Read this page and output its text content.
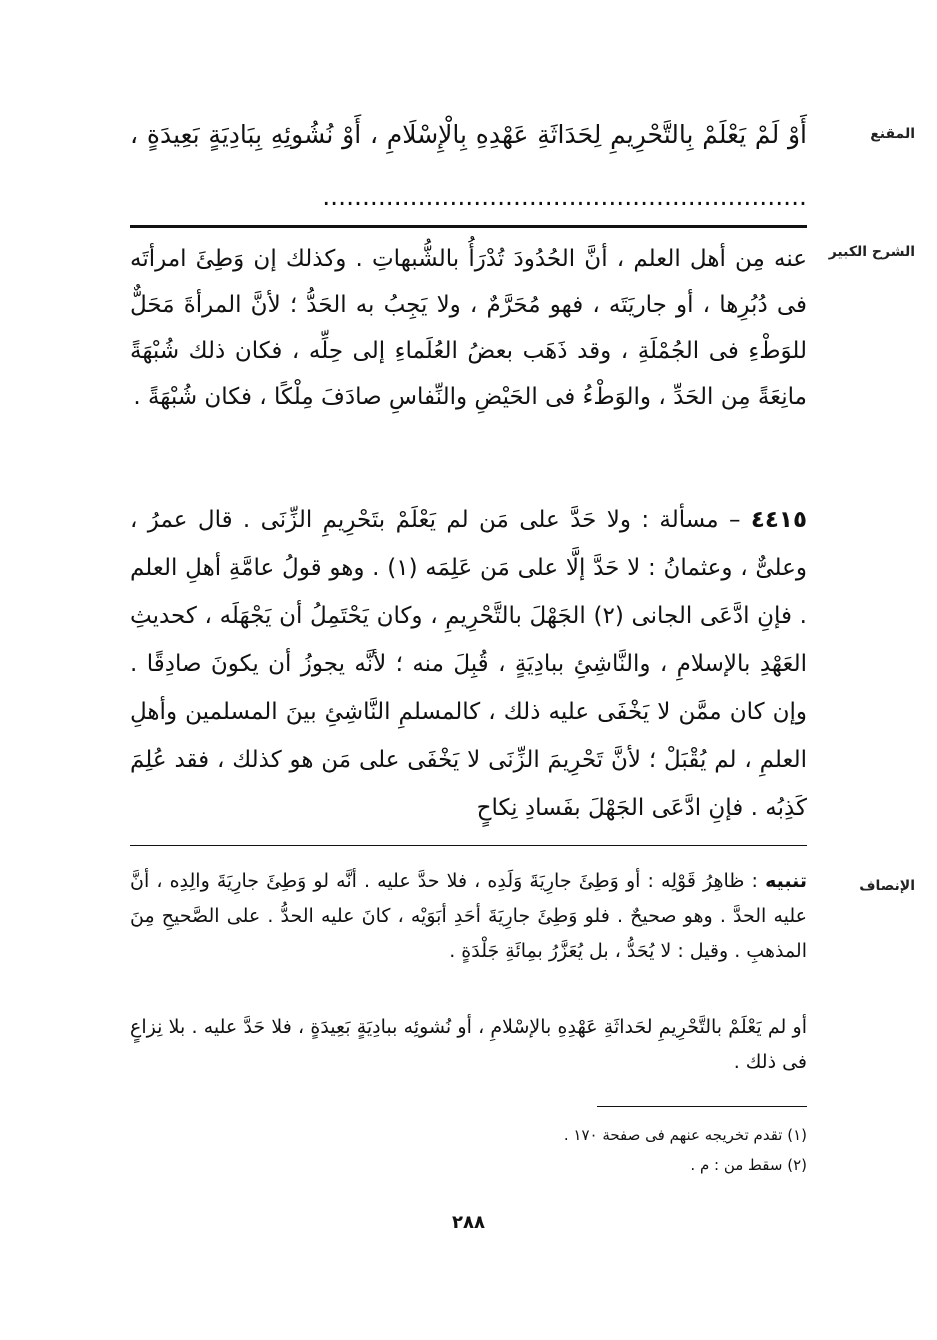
المقنع

أَوْ لَمْ يَعْلَمْ بِالتَّحْرِيمِ لِحَدَاثَةِ عَهْدِهِ بِالْإِسْلَامِ ، أَوْ نُشُوئِهِ بِبَادِيَةٍ بَعِيدَةٍ ، .............................................................

الشرح الكبير

عنه مِن أهل العلم ، أنَّ الحُدُودَ تُدْرَأُ بالشُّبهاتِ . وكذلك إن وَطِئَ امرأتَه فى دُبُرِها ، أو جاريَتَه ، فهو مُحَرَّمٌ ، ولا يَجِبُ به الحَدُّ ؛ لأنَّ المرأةَ مَحَلٌّ للوَطْءِ فى الجُمْلَةِ ، وقد ذَهَب بعضُ العُلَماءِ إلى حِلِّه ، فكان ذلك شُبْهَةً مانِعَةً مِن الحَدِّ ، والوَطْءُ فى الحَيْضِ والنِّفاسِ صادَفَ مِلْكًا ، فكان شُبْهَةً .

٤٤١٥ – مسألة : ولا حَدَّ على مَن لم يَعْلَمْ بتَحْرِيمِ الزِّنَى . قال عمرُ ، وعلىٌّ ، وعثمانُ : لا حَدَّ إلَّا على مَن عَلِمَه (١) . وهو قولُ عامَّةِ أهلِ العلم . فإنِ ادَّعَى الجانى (٢) الجَهْلَ بالتَّحْرِيمِ ، وكان يَحْتَمِلُ أن يَجْهَلَه ، كحديثِ العَهْدِ بالإسلامِ ، والنَّاشِئِ ببادِيَةٍ ، قُبِلَ منه ؛ لأنَّه يجوزُ أن يكونَ صادِقًا . وإن كان ممَّن لا يَخْفَى عليه ذلك ، كالمسلمِ النَّاشِئِ بينَ المسلمين وأهلِ العلمِ ، لم يُقْبَلْ ؛ لأنَّ تَحْرِيمَ الزِّنَى لا يَخْفَى على مَن هو كذلك ، فقد عُلِمَ كَذِبُه . فإنِ ادَّعَى الجَهْلَ بفَسادِ نِكاحٍ

الإنصاف

تنبيه : ظاهِرُ قَوْلِه : أو وَطِئَ جارِيَةَ وَلَدِه ، فلا حدَّ عليه . أنَّه لو وَطِئَ جارِيَةَ والِدِه ، أنَّ عليه الحدَّ . وهو صحيحٌ . فلو وَطِئَ جارِيَةَ أحَدِ أبَوَيْه ، كانَ عليه الحدُّ . على الصَّحيحِ مِنَ المذهبِ . وقيل : لا يُحَدُّ ، بل يُعَزَّرُ بمِائَةِ جَلْدَةٍ .

أو لم يَعْلَمْ بالتَّحْرِيمِ لحَداثَةِ عَهْدِهِ بالإسْلامِ ، أو نُشوئِه ببادِيَةٍ بَعِيدَةٍ ، فلا حَدَّ عليه . بلا نِزاعٍ فى ذلك .

(١) تقدم تخريجه عنهم فى صفحة ١٧٠ .

(٢) سقط من : م .

٢٨٨
